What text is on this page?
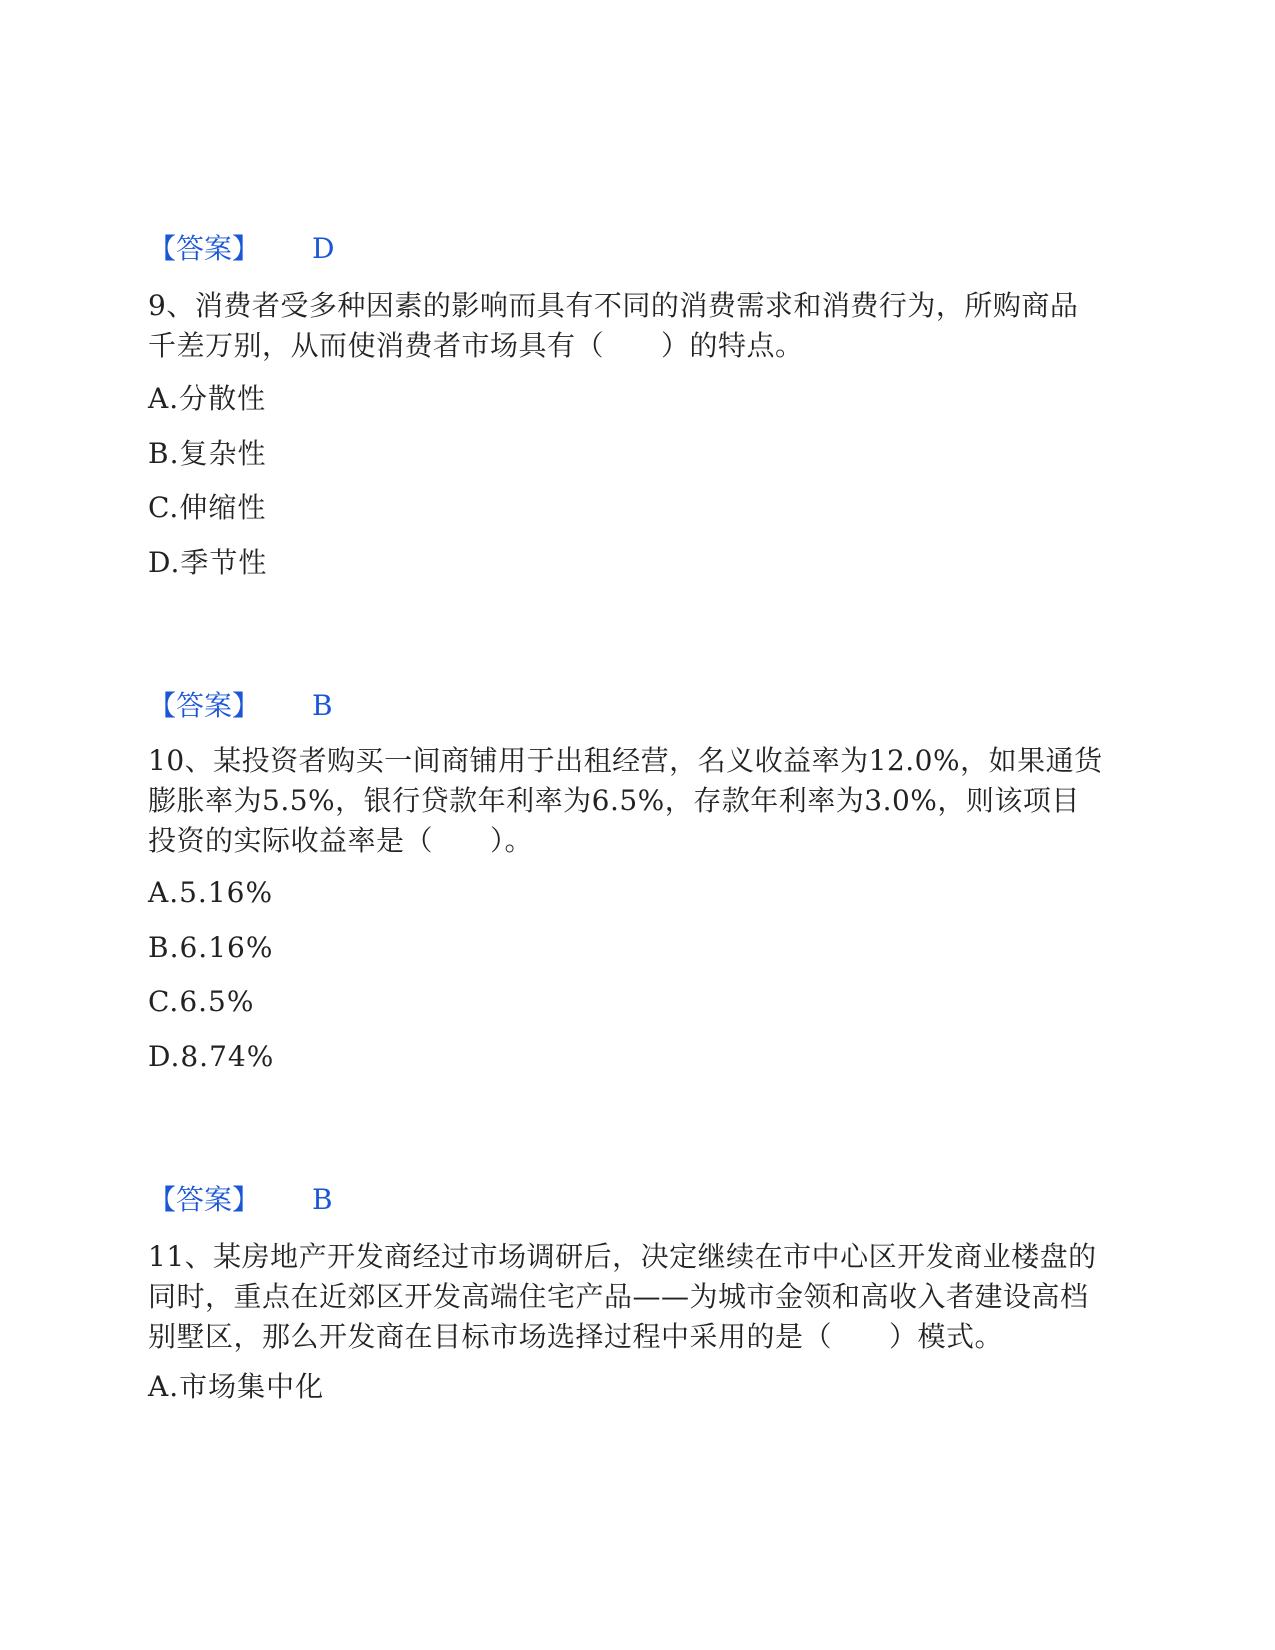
【答案】 D
9、消费者受多种因素的影响而具有不同的消费需求和消费行为，所购商品
千差万别，从而使消费者市场具有（　　）的特点。
A.分散性
B.复杂性
C.伸缩性
D.季节性
【答案】 B
10、某投资者购买一间商铺用于出租经营，名义收益率为12.0%，如果通货
膨胀率为5.5%，银行贷款年利率为6.5%，存款年利率为3.0%，则该项目
投资的实际收益率是（　　）。
A.5.16%
B.6.16%
C.6.5%
D.8.74%
【答案】 B
11、某房地产开发商经过市场调研后，决定继续在市中心区开发商业楼盘的
同时，重点在近郊区开发高端住宅产品——为城市金领和高收入者建设高档
别墅区，那么开发商在目标市场选择过程中采用的是（　　）模式。
A.市场集中化
